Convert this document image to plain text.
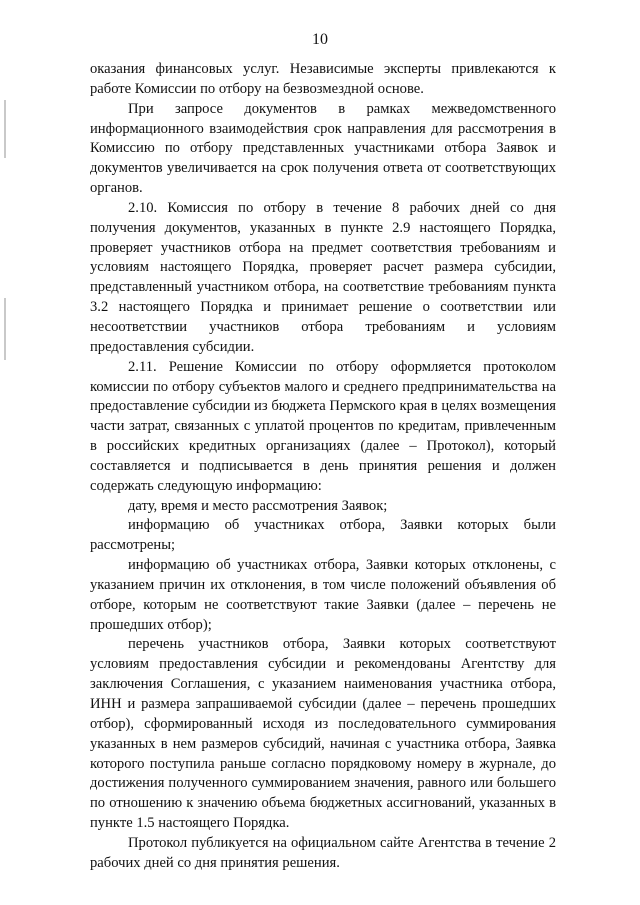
10

оказания финансовых услуг. Независимые эксперты привлекаются к работе Комиссии по отбору на безвозмездной основе.

При запросе документов в рамках межведомственного информационного взаимодействия срок направления для рассмотрения в Комиссию по отбору представленных участниками отбора Заявок и документов увеличивается на срок получения ответа от соответствующих органов.

2.10. Комиссия по отбору в течение 8 рабочих дней со дня получения документов, указанных в пункте 2.9 настоящего Порядка, проверяет участников отбора на предмет соответствия требованиям и условиям настоящего Порядка, проверяет расчет размера субсидии, представленный участником отбора, на соответствие требованиям пункта 3.2 настоящего Порядка и принимает решение о соответствии или несоответствии участников отбора требованиям и условиям предоставления субсидии.

2.11. Решение Комиссии по отбору оформляется протоколом комиссии по отбору субъектов малого и среднего предпринимательства на предоставление субсидии из бюджета Пермского края в целях возмещения части затрат, связанных с уплатой процентов по кредитам, привлеченным в российских кредитных организациях (далее – Протокол), который составляется и подписывается в день принятия решения и должен содержать следующую информацию:

дату, время и место рассмотрения Заявок;

информацию об участниках отбора, Заявки которых были рассмотрены;

информацию об участниках отбора, Заявки которых отклонены, с указанием причин их отклонения, в том числе положений объявления об отборе, которым не соответствуют такие Заявки (далее – перечень не прошедших отбор);

перечень участников отбора, Заявки которых соответствуют условиям предоставления субсидии и рекомендованы Агентству для заключения Соглашения, с указанием наименования участника отбора, ИНН и размера запрашиваемой субсидии (далее – перечень прошедших отбор), сформированный исходя из последовательного суммирования указанных в нем размеров субсидий, начиная с участника отбора, Заявка которого поступила раньше согласно порядковому номеру в журнале, до достижения полученного суммированием значения, равного или большего по отношению к значению объема бюджетных ассигнований, указанных в пункте 1.5 настоящего Порядка.

Протокол публикуется на официальном сайте Агентства в течение 2 рабочих дней со дня принятия решения.
